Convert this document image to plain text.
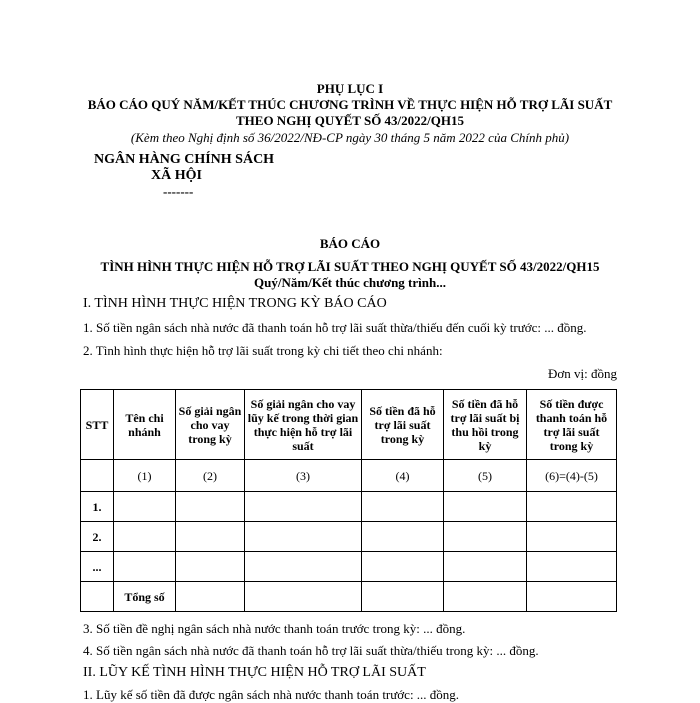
PHỤ LỤC I
BÁO CÁO QUÝ NĂM/KẾT THÚC CHƯƠNG TRÌNH VỀ THỰC HIỆN HỖ TRỢ LÃI SUẤT
THEO NGHỊ QUYẾT SỐ 43/2022/QH15
(Kèm theo Nghị định số 36/2022/NĐ-CP ngày 30 tháng 5 năm 2022 của Chính phủ)
NGÂN HÀNG CHÍNH SÁCH
XÃ HỘI
-------
BÁO CÁO
TÌNH HÌNH THỰC HIỆN HỖ TRỢ LÃI SUẤT THEO NGHỊ QUYẾT SỐ 43/2022/QH15
Quý/Năm/Kết thúc chương trình...
I. TÌNH HÌNH THỰC HIỆN TRONG KỲ BÁO CÁO
1. Số tiền ngân sách nhà nước đã thanh toán hỗ trợ lãi suất thừa/thiếu đến cuối kỳ trước: ... đồng.
2. Tình hình thực hiện hỗ trợ lãi suất trong kỳ chi tiết theo chi nhánh:
Đơn vị: đồng
STT	Tên chi nhánh	Số giải ngân cho vay trong kỳ	Số giải ngân cho vay lũy kế trong thời gian thực hiện hỗ trợ lãi suất	Số tiền đã hỗ trợ lãi suất trong kỳ	Số tiền đã hỗ trợ lãi suất bị thu hồi trong kỳ	Số tiền được thanh toán hỗ trợ lãi suất trong kỳ
	(1)	(2)	(3)	(4)	(5)	(6)=(4)-(5)
1.						
2.						
...						
	Tổng số					
3. Số tiền đề nghị ngân sách nhà nước thanh toán trước trong kỳ: ... đồng.
4. Số tiền ngân sách nhà nước đã thanh toán hỗ trợ lãi suất thừa/thiếu trong kỳ: ... đồng.
II. LŨY KẾ TÌNH HÌNH THỰC HIỆN HỖ TRỢ LÃI SUẤT
1. Lũy kế số tiền đã được ngân sách nhà nước thanh toán trước: ... đồng.
